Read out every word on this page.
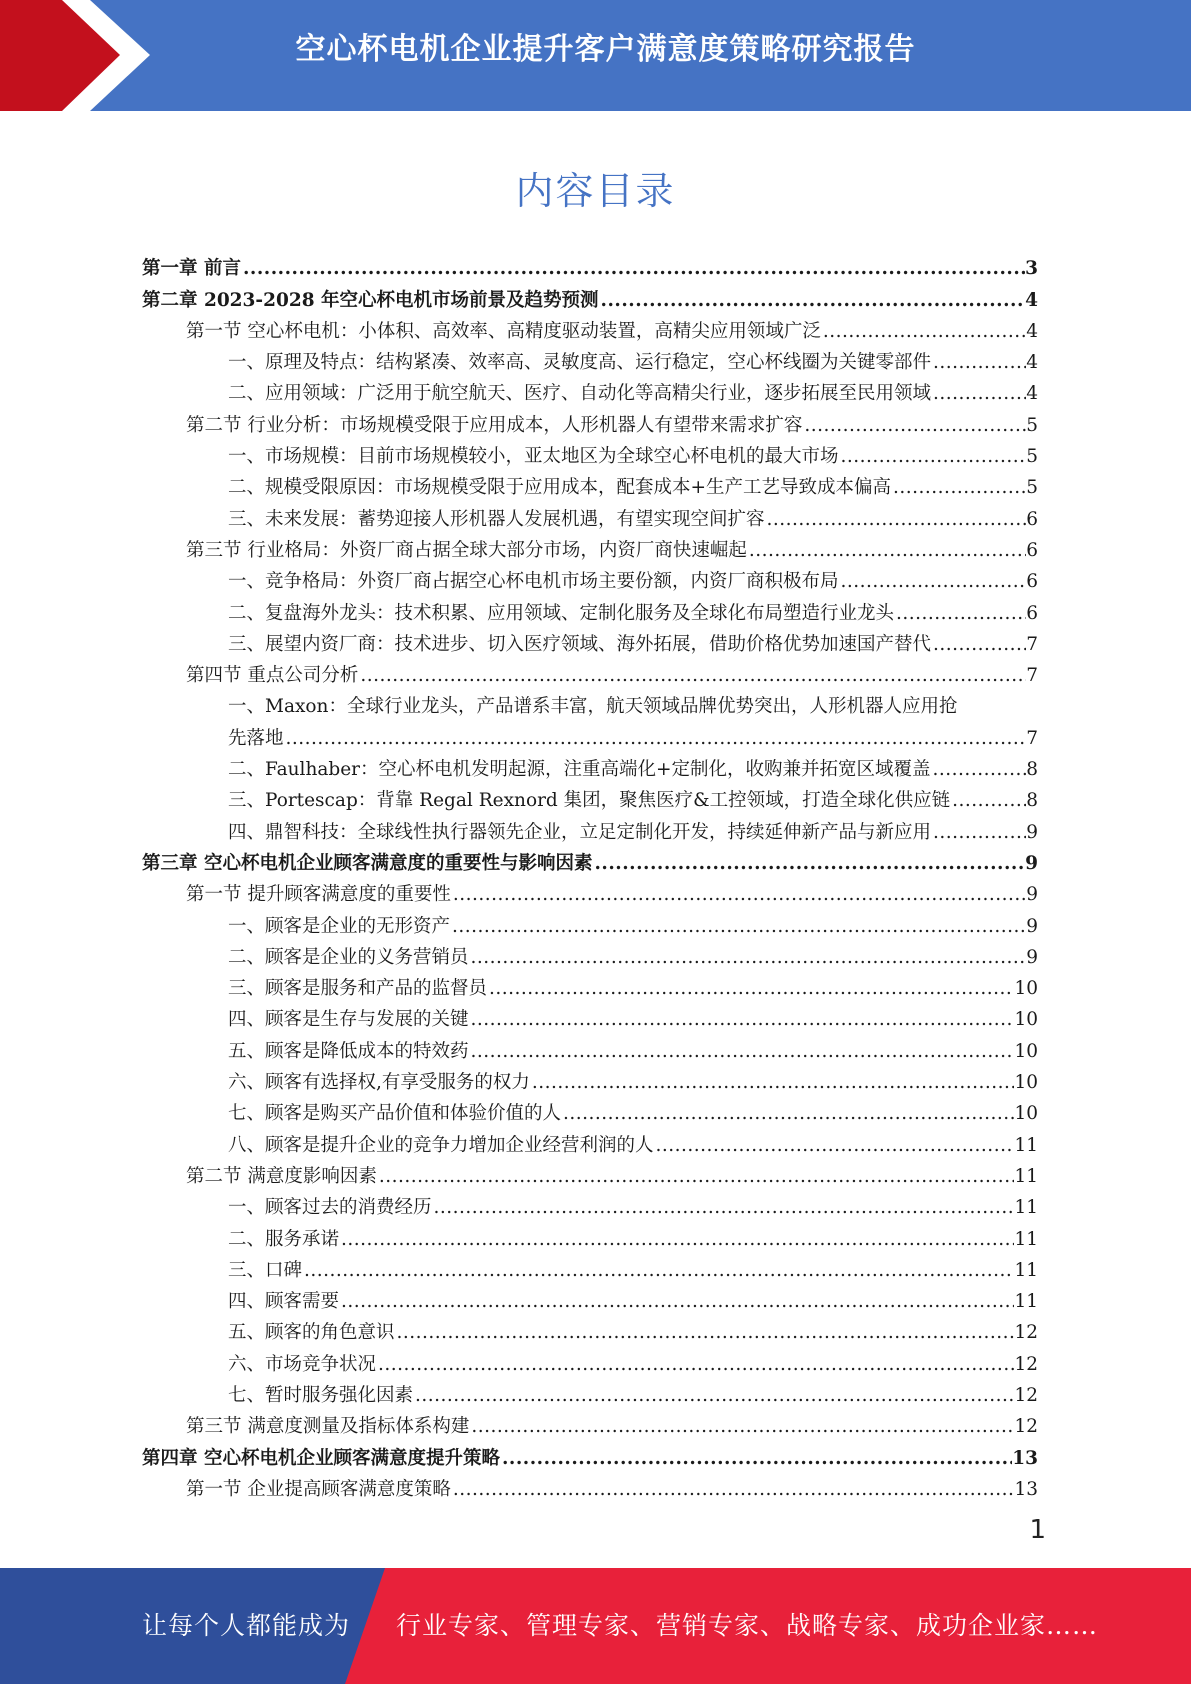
空心杯电机企业提升客户满意度策略研究报告
内容目录
第一章 前言 .....	3
第二章 2023-2028 年空心杯电机市场前景及趋势预测 .....	4
第一节 空心杯电机：小体积、高效率、高精度驱动装置，高精尖应用领域广泛 .....	4
一、原理及特点：结构紧凑、效率高、灵敏度高、运行稳定，空心杯线圈为关键零部件 .....	4
二、应用领域：广泛用于航空航天、医疗、自动化等高精尖行业，逐步拓展至民用领域 .....	4
第二节 行业分析：市场规模受限于应用成本，人形机器人有望带来需求扩容 .....	5
一、市场规模：目前市场规模较小，亚太地区为全球空心杯电机的最大市场 .....	5
二、规模受限原因：市场规模受限于应用成本，配套成本+生产工艺导致成本偏高 .....	5
三、未来发展：蓄势迎接人形机器人发展机遇，有望实现空间扩容 .....	6
第三节 行业格局：外资厂商占据全球大部分市场，内资厂商快速崛起 .....	6
一、竞争格局：外资厂商占据空心杯电机市场主要份额，内资厂商积极布局 .....	6
二、复盘海外龙头：技术积累、应用领域、定制化服务及全球化布局塑造行业龙头 .....	6
三、展望内资厂商：技术进步、切入医疗领域、海外拓展，借助价格优势加速国产替代 .....	7
第四节 重点公司分析 .....	7
一、Maxon：全球行业龙头，产品谱系丰富，航天领域品牌优势突出，人形机器人应用抢
先落地 .....	7
二、Faulhaber：空心杯电机发明起源，注重高端化+定制化，收购兼并拓宽区域覆盖 .....	8
三、Portescap：背靠 Regal Rexnord 集团，聚焦医疗&工控领域，打造全球化供应链 .....	8
四、鼎智科技：全球线性执行器领先企业，立足定制化开发，持续延伸新产品与新应用 .....	9
第三章 空心杯电机企业顾客满意度的重要性与影响因素 .....	9
第一节 提升顾客满意度的重要性 .....	9
一、顾客是企业的无形资产 .....	9
二、顾客是企业的义务营销员 .....	9
三、顾客是服务和产品的监督员 .....	10
四、顾客是生存与发展的关键 .....	10
五、顾客是降低成本的特效药 .....	10
六、顾客有选择权,有享受服务的权力 .....	10
七、顾客是购买产品价值和体验价值的人 .....	10
八、顾客是提升企业的竞争力增加企业经营利润的人 .....	11
第二节 满意度影响因素 .....	11
一、顾客过去的消费经历 .....	11
二、服务承诺 .....	11
三、口碑 .....	11
四、顾客需要 .....	11
五、顾客的角色意识 .....	12
六、市场竞争状况 .....	12
七、暂时服务强化因素 .....	12
第三节 满意度测量及指标体系构建 .....	12
第四章 空心杯电机企业顾客满意度提升策略 .....	13
第一节 企业提高顾客满意度策略 .....	13
1
让每个人都能成为 行业专家、管理专家、营销专家、战略专家、成功企业家……
